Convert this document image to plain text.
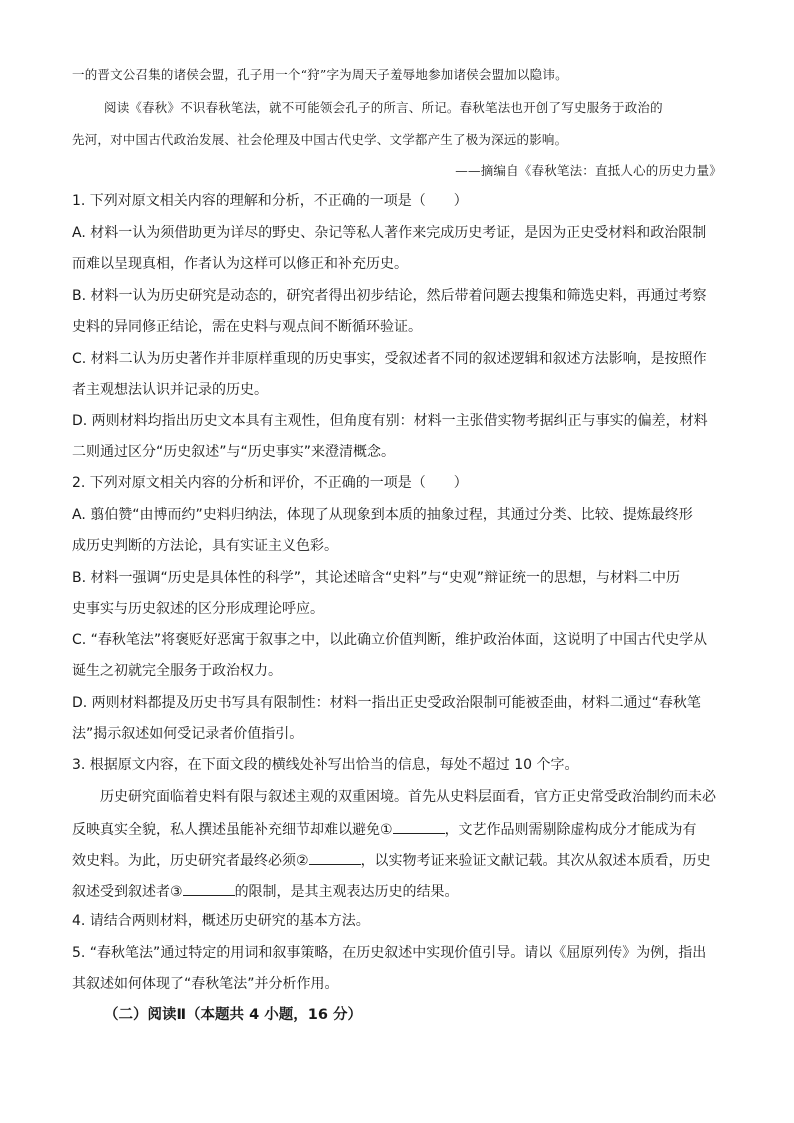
一的晋文公召集的诸侯会盟，孔子用一个“狩”字为周天子羞辱地参加诸侯会盟加以隐讳。
阅读《春秋》不识春秋笔法，就不可能领会孔子的所言、所记。春秋笔法也开创了写史服务于政治的
先河，对中国古代政治发展、社会伦理及中国古代史学、文学都产生了极为深远的影响。
——摘编自《春秋笔法：直抵人心的历史力量》
1. 下列对原文相关内容的理解和分析，不正确的一项是（　　）
A. 材料一认为须借助更为详尽的野史、杂记等私人著作来完成历史考证，是因为正史受材料和政治限制
而难以呈现真相，作者认为这样可以修正和补充历史。
B. 材料一认为历史研究是动态的，研究者得出初步结论，然后带着问题去搜集和筛选史料，再通过考察
史料的异同修正结论，需在史料与观点间不断循环验证。
C. 材料二认为历史著作并非原样重现的历史事实，受叙述者不同的叙述逻辑和叙述方法影响，是按照作
者主观想法认识并记录的历史。
D. 两则材料均指出历史文本具有主观性，但角度有别：材料一主张借实物考据纠正与事实的偏差，材料
二则通过区分“历史叙述”与“历史事实”来澄清概念。
2. 下列对原文相关内容的分析和评价，不正确的一项是（　　）
A. 翦伯赞“由博而约”史料归纳法，体现了从现象到本质的抽象过程，其通过分类、比较、提炼最终形
成历史判断的方法论，具有实证主义色彩。
B. 材料一强调“历史是具体性的科学”，其论述暗含“史料”与“史观”辩证统一的思想，与材料二中历
史事实与历史叙述的区分形成理论呼应。
C. “春秋笔法”将褒贬好恶寓于叙事之中，以此确立价值判断，维护政治体面，这说明了中国古代史学从
诞生之初就完全服务于政治权力。
D. 两则材料都提及历史书写具有限制性：材料一指出正史受政治限制可能被歪曲，材料二通过“春秋笔
法”揭示叙述如何受记录者价值指引。
3. 根据原文内容，在下面文段的横线处补写出恰当的信息，每处不超过 10 个字。
历史研究面临着史料有限与叙述主观的双重困境。首先从史料层面看，官方正史常受政治制约而未必
反映真实全貌，私人撰述虽能补充细节却难以避免①	，文艺作品则需剔除虚构成分才能成为有
效史料。为此，历史研究者最终必须②	，以实物考证来验证文献记载。其次从叙述本质看，历史
叙述受到叙述者③	的限制，是其主观表达历史的结果。
4. 请结合两则材料，概述历史研究的基本方法。
5. “春秋笔法”通过特定的用词和叙事策略，在历史叙述中实现价值引导。请以《屈原列传》为例，指出
其叙述如何体现了“春秋笔法”并分析作用。
（二）阅读Ⅱ（本题共 4 小题，16 分）
